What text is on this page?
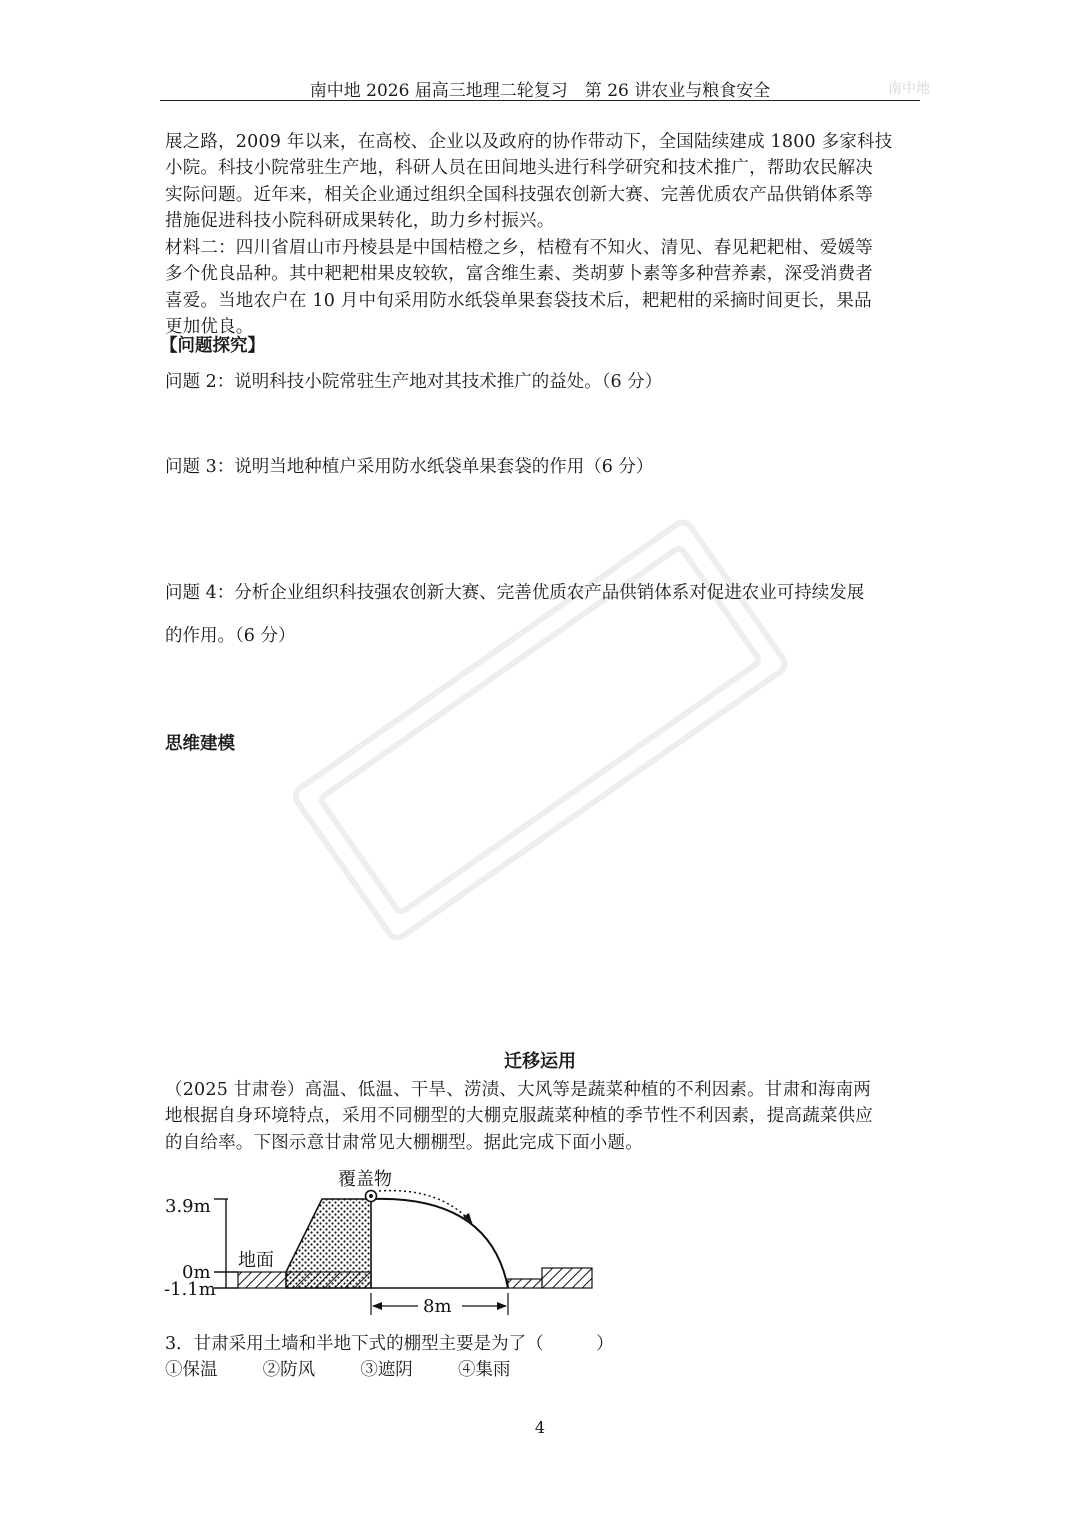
南中地 2026 届高三地理二轮复习　第 26 讲农业与粮食安全	南中地
展之路，2009 年以来，在高校、企业以及政府的协作带动下，全国陆续建成 1800 多家科技
小院。科技小院常驻生产地，科研人员在田间地头进行科学研究和技术推广，帮助农民解决
实际问题。近年来，相关企业通过组织全国科技强农创新大赛、完善优质农产品供销体系等
措施促进科技小院科研成果转化，助力乡村振兴。
材料二：四川省眉山市丹棱县是中国桔橙之乡，桔橙有不知火、清见、春见耙耙柑、爱媛等
多个优良品种。其中耙耙柑果皮较软，富含维生素、类胡萝卜素等多种营养素，深受消费者
喜爱。当地农户在 10 月中旬采用防水纸袋单果套袋技术后，耙耙柑的采摘时间更长，果品
更加优良。
【问题探究】
问题 2：说明科技小院常驻生产地对其技术推广的益处。（6 分）
问题 3：说明当地种植户采用防水纸袋单果套袋的作用（6 分）
问题 4：分析企业组织科技强农创新大赛、完善优质农产品供销体系对促进农业可持续发展
的作用。（6 分）
思维建模
迁移运用
（2025 甘肃卷）高温、低温、干旱、涝渍、大风等是蔬菜种植的不利因素。甘肃和海南两
地根据自身环境特点，采用不同棚型的大棚克服蔬菜种植的季节性不利因素，提高蔬菜供应
的自给率。下图示意甘肃常见大棚棚型。据此完成下面小题。
覆盖物
地面
3.9m
0m
-1.1m
8m
3．甘肃采用土墙和半地下式的棚型主要是为了（　　　）
①保温	②防风	③遮阴	④集雨
4
